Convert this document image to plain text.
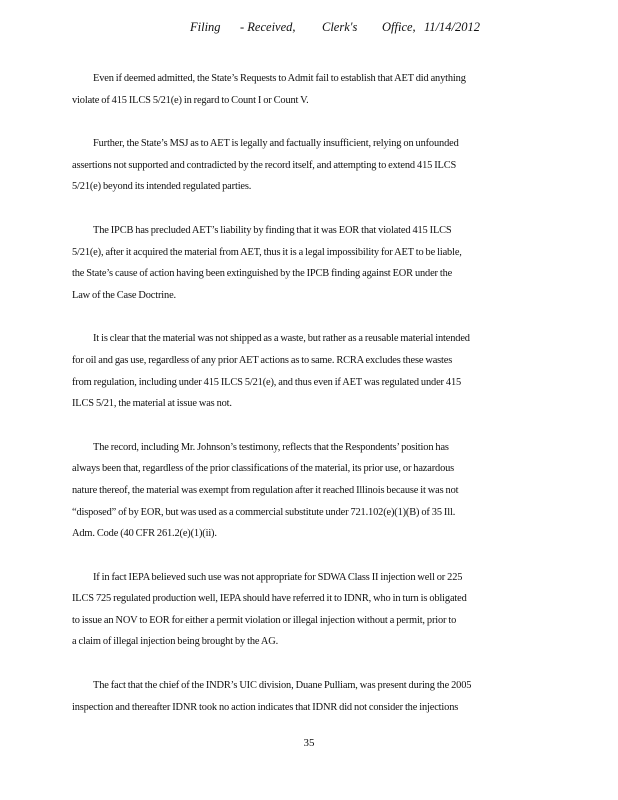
Filing	- Received,	Clerk's	Office, 11/14/2012

Even if deemed admitted, the State’s Requests to Admit fail to establish that AET did anything
violate of 415 ILCS 5/21(e) in regard to Count I or Count V.

Further, the State’s MSJ as to AET is legally and factually insufficient, relying on unfounded
assertions not supported and contradicted by the record itself, and attempting to extend 415 ILCS
5/21(e) beyond its intended regulated parties.

The IPCB has precluded AET’s liability by finding that it was EOR that violated 415 ILCS
5/21(e), after it acquired the material from AET, thus it is a legal impossibility for AET to be liable,
the State’s cause of action having been extinguished by the IPCB finding against EOR under the
Law of the Case Doctrine.

It is clear that the material was not shipped as a waste, but rather as a reusable material intended
for oil and gas use, regardless of any prior AET actions as to same. RCRA excludes these wastes
from regulation, including under 415 ILCS 5/21(e), and thus even if AET was regulated under 415
ILCS 5/21, the material at issue was not.

The record, including Mr. Johnson’s testimony, reflects that the Respondents’ position has
always been that, regardless of the prior classifications of the material, its prior use, or hazardous
nature thereof, the material was exempt from regulation after it reached Illinois because it was not
“disposed” of by EOR, but was used as a commercial substitute under 721.102(e)(1)(B) of 35 Ill.
Adm. Code (40 CFR 261.2(e)(1)(ii).

If in fact IEPA believed such use was not appropriate for SDWA Class II injection well or 225
ILCS 725 regulated production well, IEPA should have referred it to IDNR, who in turn is obligated
to issue an NOV to EOR for either a permit violation or illegal injection without a permit, prior to
a claim of illegal injection being brought by the AG.

The fact that the chief of the INDR’s UIC division, Duane Pulliam, was present during the 2005
inspection and thereafter IDNR took no action indicates that IDNR did not consider the injections

35
